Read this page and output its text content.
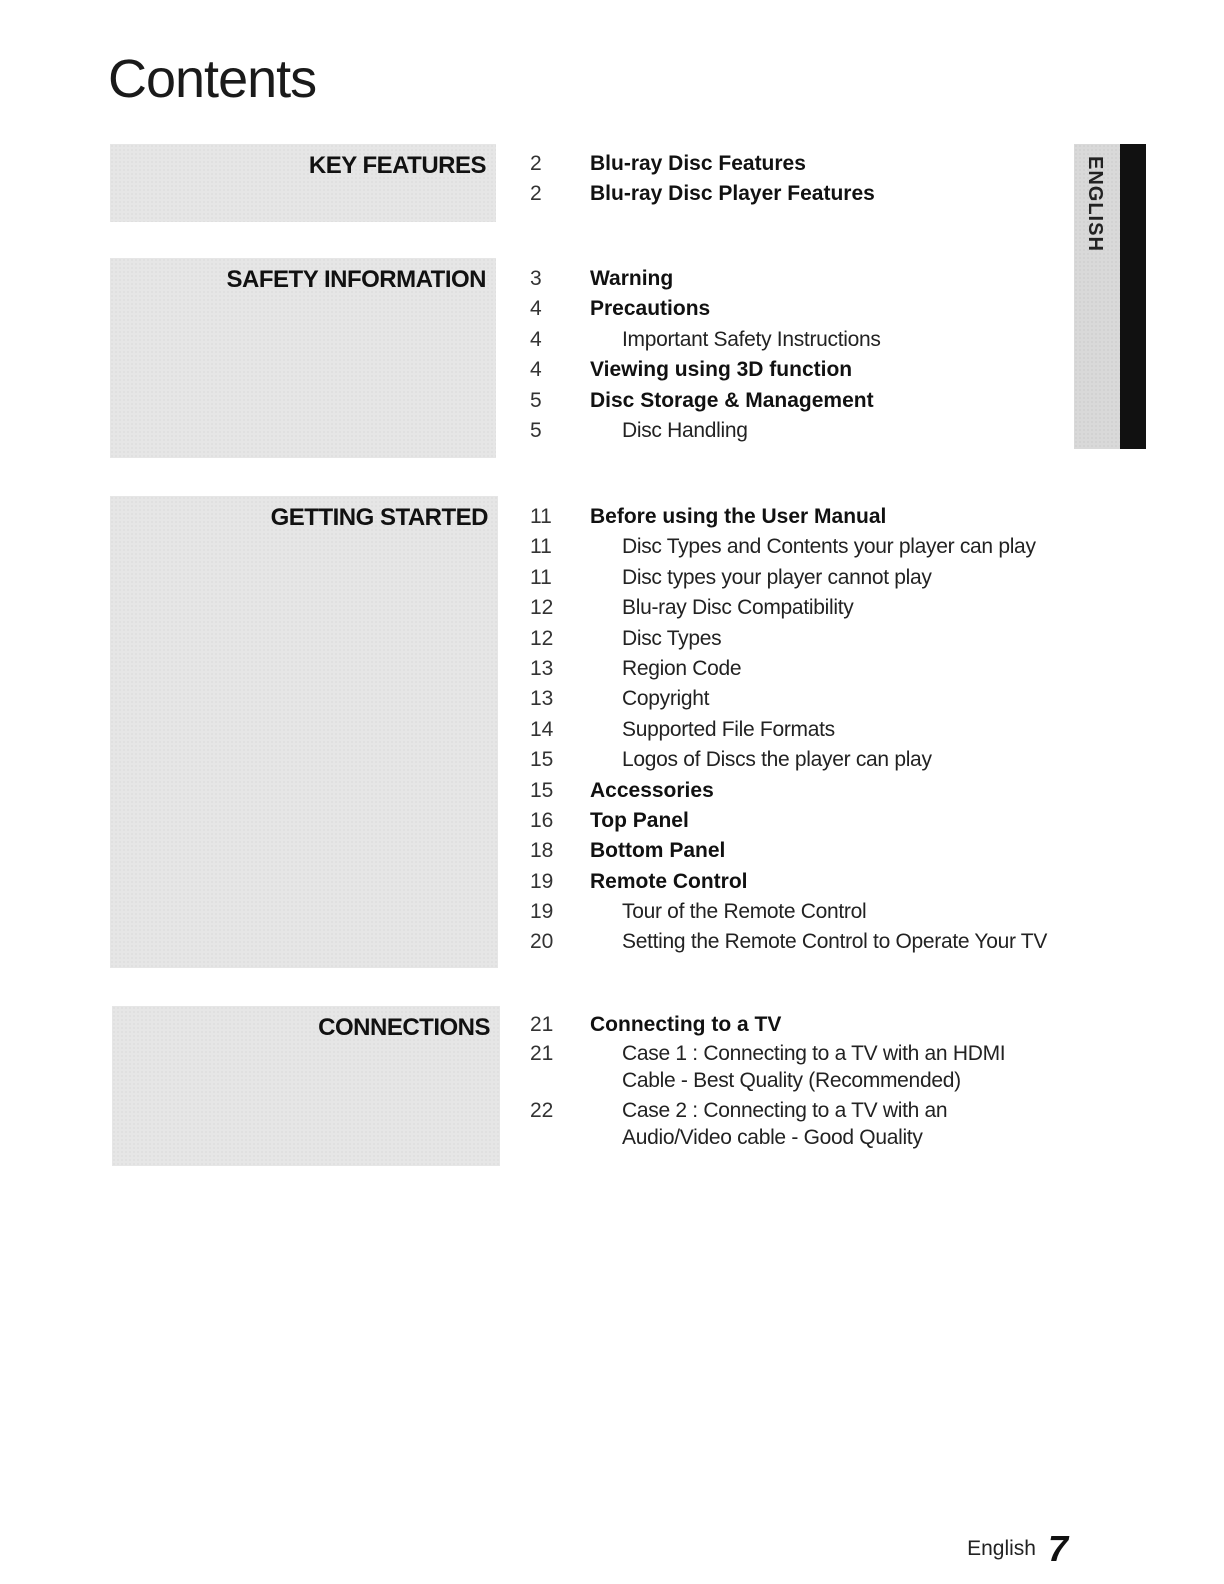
Contents
ENGLISH
KEY FEATURES 2	Blu-ray Disc Features
2	Blu-ray Disc Player Features
SAFETY INFORMATION 3	Warning
4	Precautions
4	Important Safety Instructions
4	Viewing using 3D function
5	Disc Storage & Management
5	Disc Handling
GETTING STARTED 11	Before using the User Manual
11	Disc Types and Contents your player can play
11	Disc types your player cannot play
12	Blu-ray Disc Compatibility
12	Disc Types
13	Region Code
13	Copyright
14	Supported File Formats
15	Logos of Discs the player can play
15	Accessories
16	Top Panel
18	Bottom Panel
19	Remote Control
19	Tour of the Remote Control
20	Setting the Remote Control to Operate Your TV
CONNECTIONS 21	Connecting to a TV
21	Case 1 : Connecting to a TV with an HDMI Cable - Best Quality (Recommended)
22	Case 2 : Connecting to a TV with an Audio/Video cable - Good Quality
English 7
